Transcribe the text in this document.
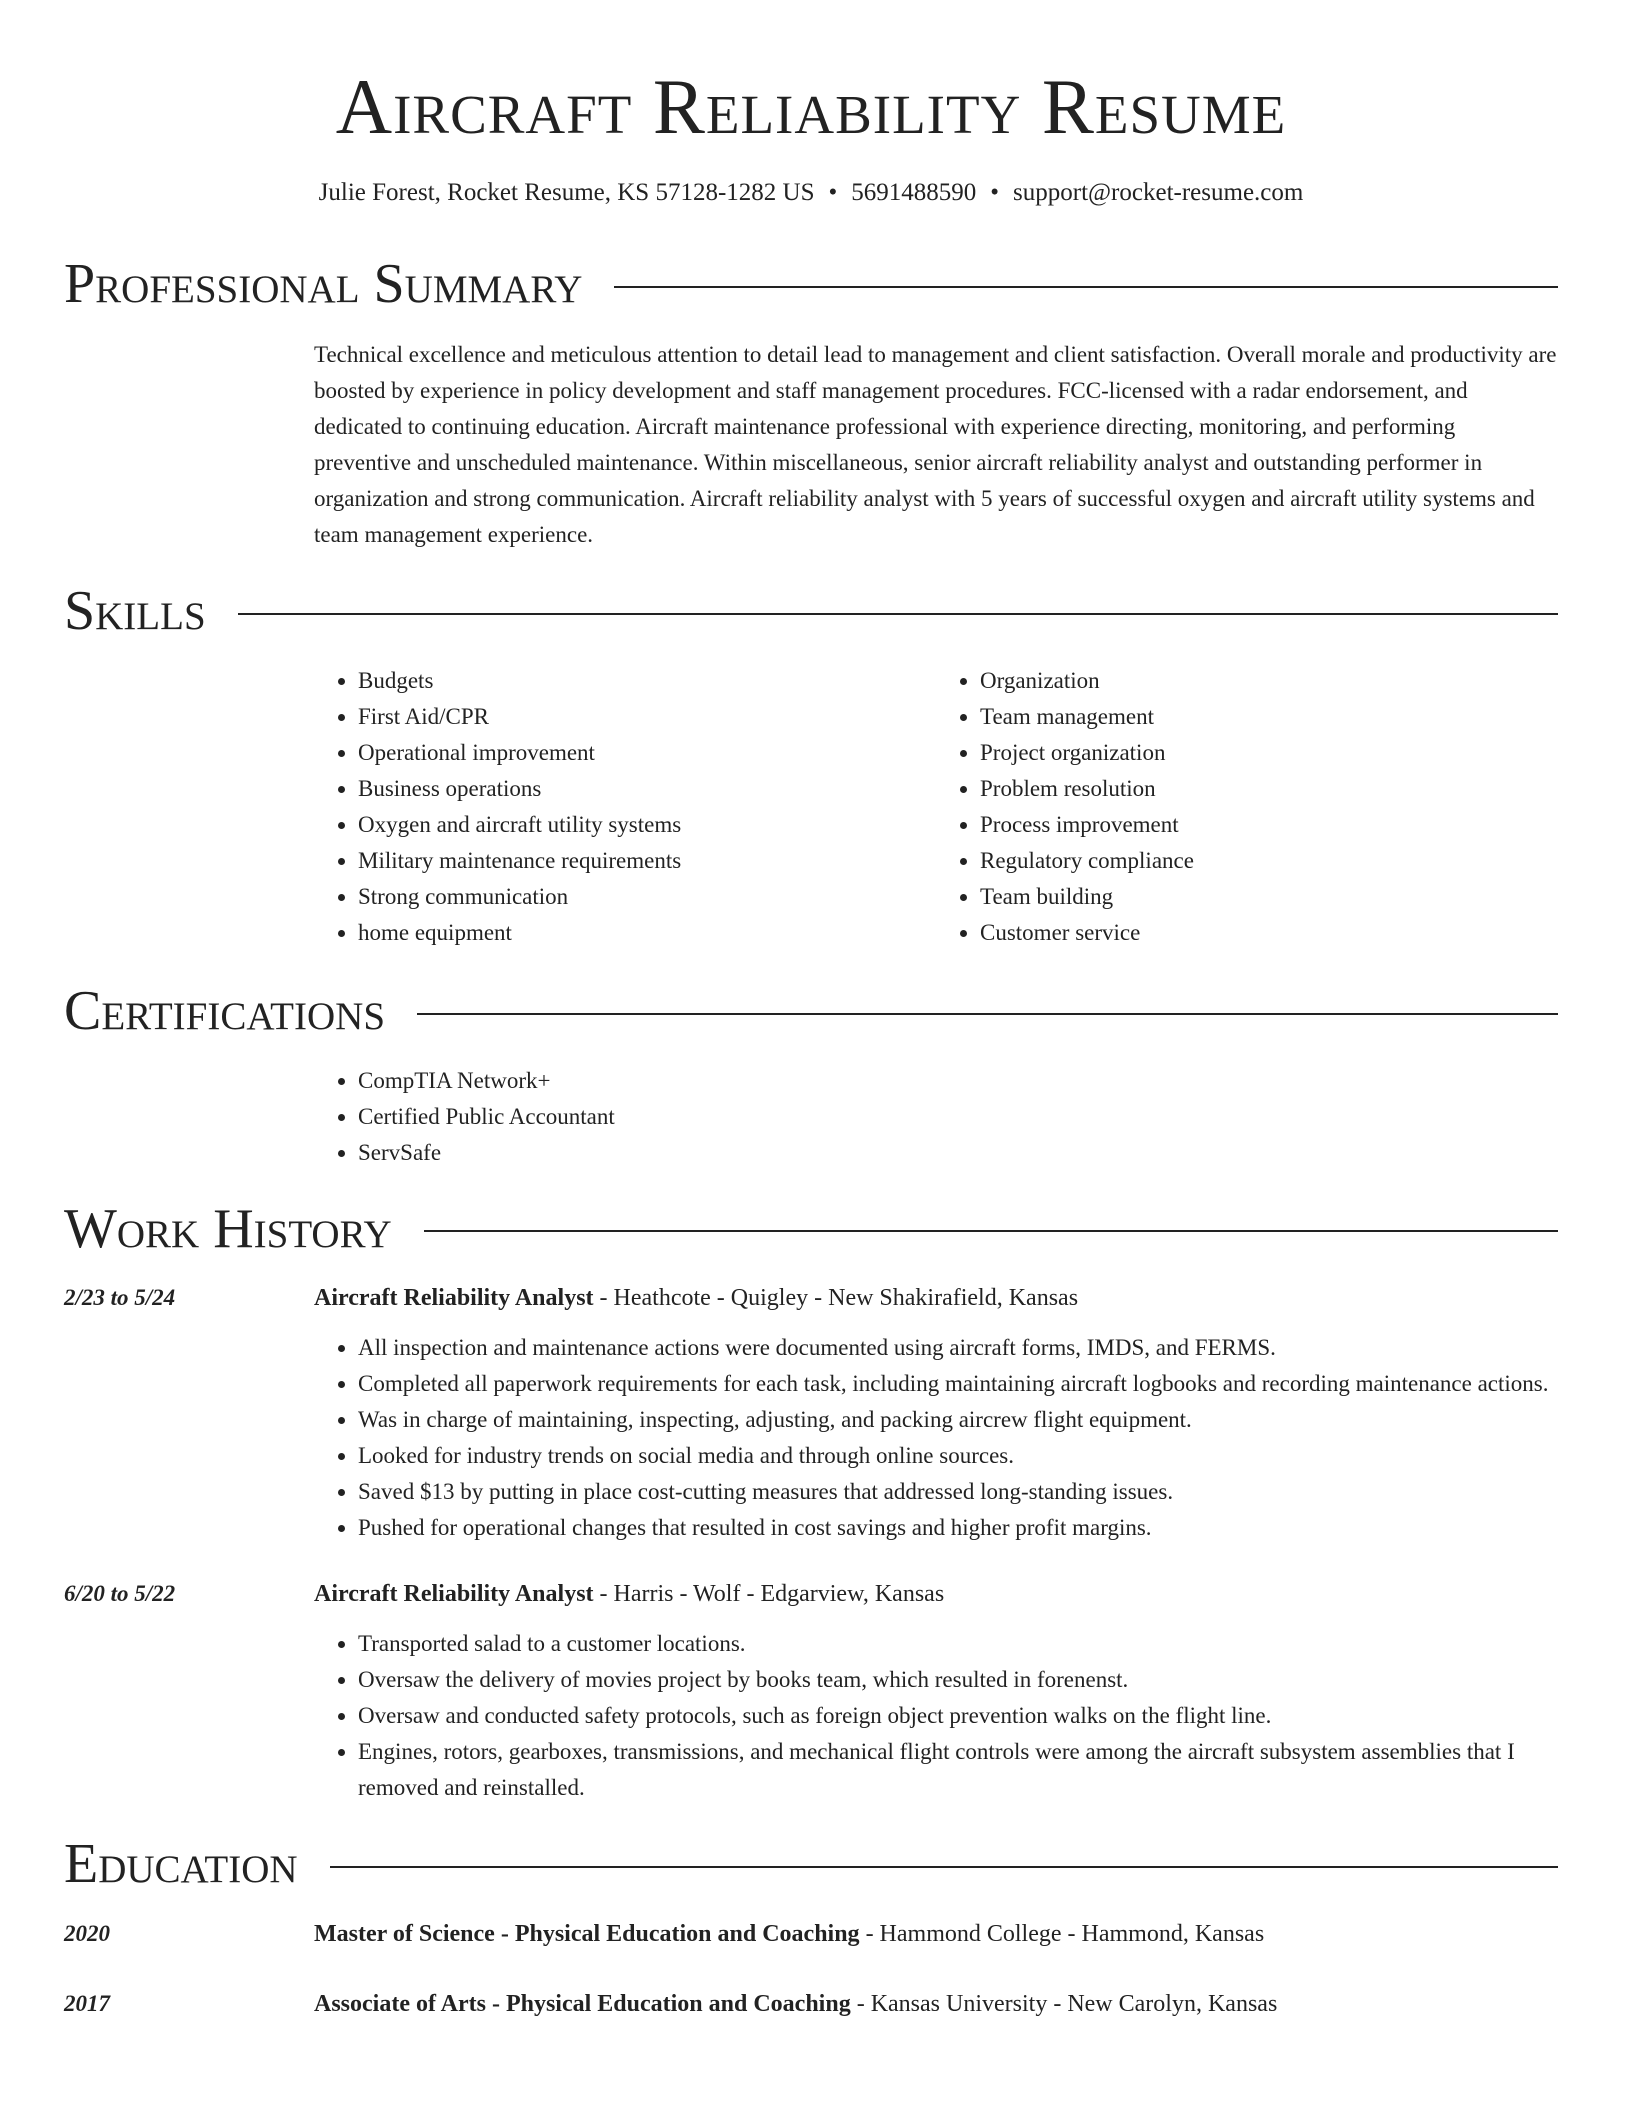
Aircraft Reliability Resume
Julie Forest, Rocket Resume, KS 57128-1282 US • 5691488590 • support@rocket-resume.com
Professional Summary

Technical excellence and meticulous attention to detail lead to management and client satisfaction. Overall morale and productivity are boosted by experience in policy development and staff management procedures. FCC-licensed with a radar endorsement, and dedicated to continuing education. Aircraft maintenance professional with experience directing, monitoring, and performing preventive and unscheduled maintenance. Within miscellaneous, senior aircraft reliability analyst and outstanding performer in organization and strong communication. Aircraft reliability analyst with 5 years of successful oxygen and aircraft utility systems and team management experience.

Skills
• Budgets
• First Aid/CPR
• Operational improvement
• Business operations
• Oxygen and aircraft utility systems
• Military maintenance requirements
• Strong communication
• home equipment
• Organization
• Team management
• Project organization
• Problem resolution
• Process improvement
• Regulatory compliance
• Team building
• Customer service
Certifications
• CompTIA Network+
• Certified Public Accountant
• ServSafe
Work History
2/23 to 5/24	Aircraft Reliability Analyst - Heathcote - Quigley - New Shakirafield, Kansas
• All inspection and maintenance actions were documented using aircraft forms, IMDS, and FERMS.
• Completed all paperwork requirements for each task, including maintaining aircraft logbooks and recording maintenance actions.
• Was in charge of maintaining, inspecting, adjusting, and packing aircrew flight equipment.
• Looked for industry trends on social media and through online sources.
• Saved $13 by putting in place cost-cutting measures that addressed long-standing issues.
• Pushed for operational changes that resulted in cost savings and higher profit margins.
6/20 to 5/22	Aircraft Reliability Analyst - Harris - Wolf - Edgarview, Kansas
• Transported salad to a customer locations.
• Oversaw the delivery of movies project by books team, which resulted in forenenst.
• Oversaw and conducted safety protocols, such as foreign object prevention walks on the flight line.
• Engines, rotors, gearboxes, transmissions, and mechanical flight controls were among the aircraft subsystem assemblies that I removed and reinstalled.
Education
2020	Master of Science - Physical Education and Coaching - Hammond College - Hammond, Kansas
2017	Associate of Arts - Physical Education and Coaching - Kansas University - New Carolyn, Kansas
